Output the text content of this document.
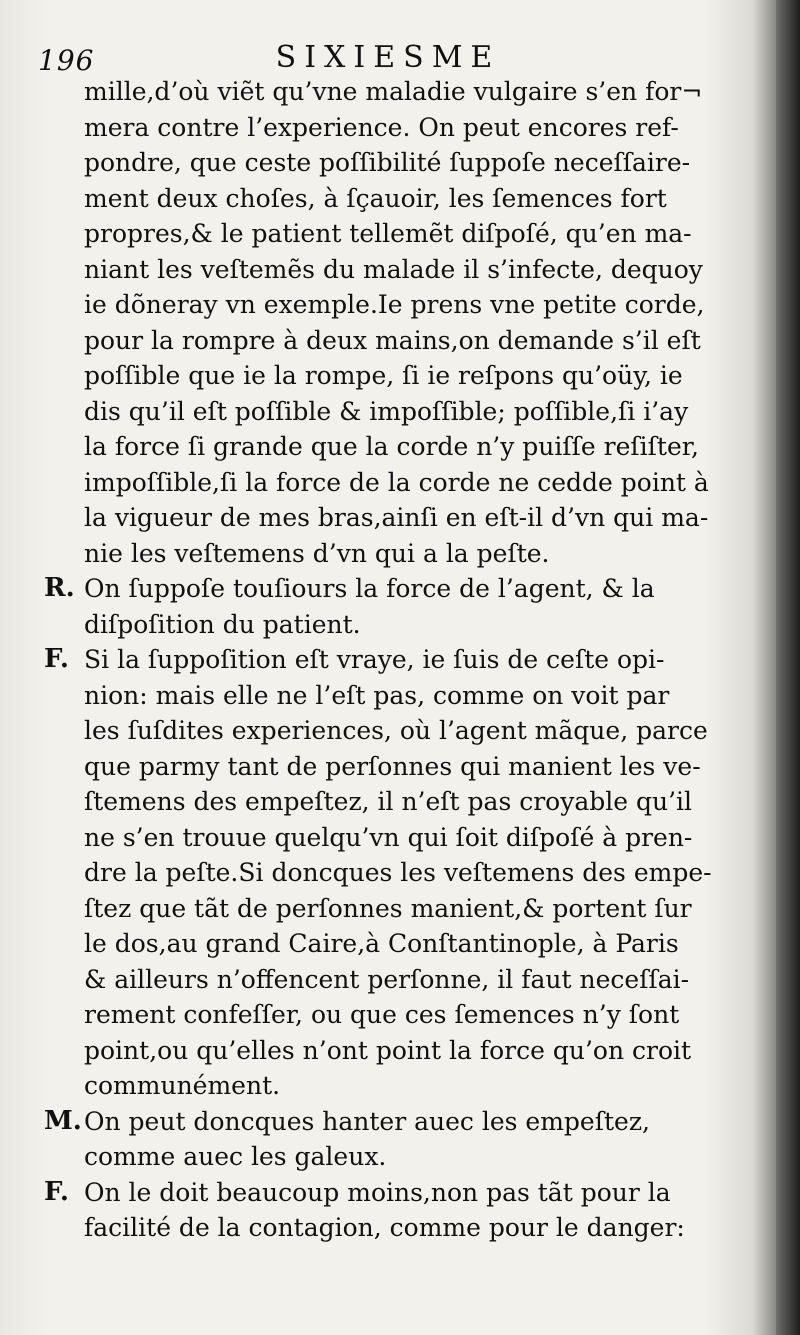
196	SIXIESME
mille,d’où viẽt qu’vne maladie vulgaire s’en for¬
mera contre l’experience. On peut encores ref-
pondre, que ceste poſſibilité ſuppoſe neceſſaire-
ment deux choſes, à ſçauoir, les ſemences fort
propres,& le patient tellemẽt diſpoſé, qu’en ma-
niant les veſtemẽs du malade il s’infecte, dequoy
ie dõneray vn exemple.Ie prens vne petite corde,
pour la rompre à deux mains,on demande s’il eſt
poſſible que ie la rompe, ſi ie reſpons qu’oüy, ie
dis qu’il eſt poſſible & impoſſible; poſſible,ſi i’ay
la force ſi grande que la corde n’y puiſſe reſiſter,
impoſſible,ſi la force de la corde ne cedde point à
la vigueur de mes bras,ainſi en eſt-il d’vn qui ma-
nie les veſtemens d’vn qui a la peſte.
R. On ſuppoſe touſiours la force de l’agent, & la
diſpoſition du patient.
F. Si la ſuppoſition eſt vraye, ie ſuis de ceſte opi-
nion: mais elle ne l’eſt pas, comme on voit par
les ſuſdites experiences, où l’agent mãque, parce
que parmy tant de perſonnes qui manient les ve-
ſtemens des empeſtez, il n’eſt pas croyable qu’il
ne s’en trouue quelqu’vn qui ſoit diſpoſé à pren-
dre la peſte.Si doncques les veſtemens des empe-
ſtez que tãt de perſonnes manient,& portent ſur
le dos,au grand Caire,à Conſtantinople, à Paris
& ailleurs n’offencent perſonne, il faut neceſſai-
rement confeſſer, ou que ces ſemences n’y ſont
point,ou qu’elles n’ont point la force qu’on croit
communément.
M. On peut doncques hanter auec les empeſtez,
comme auec les galeux.
F. On le doit beaucoup moins,non pas tãt pour la
facilité de la contagion, comme pour le danger:
